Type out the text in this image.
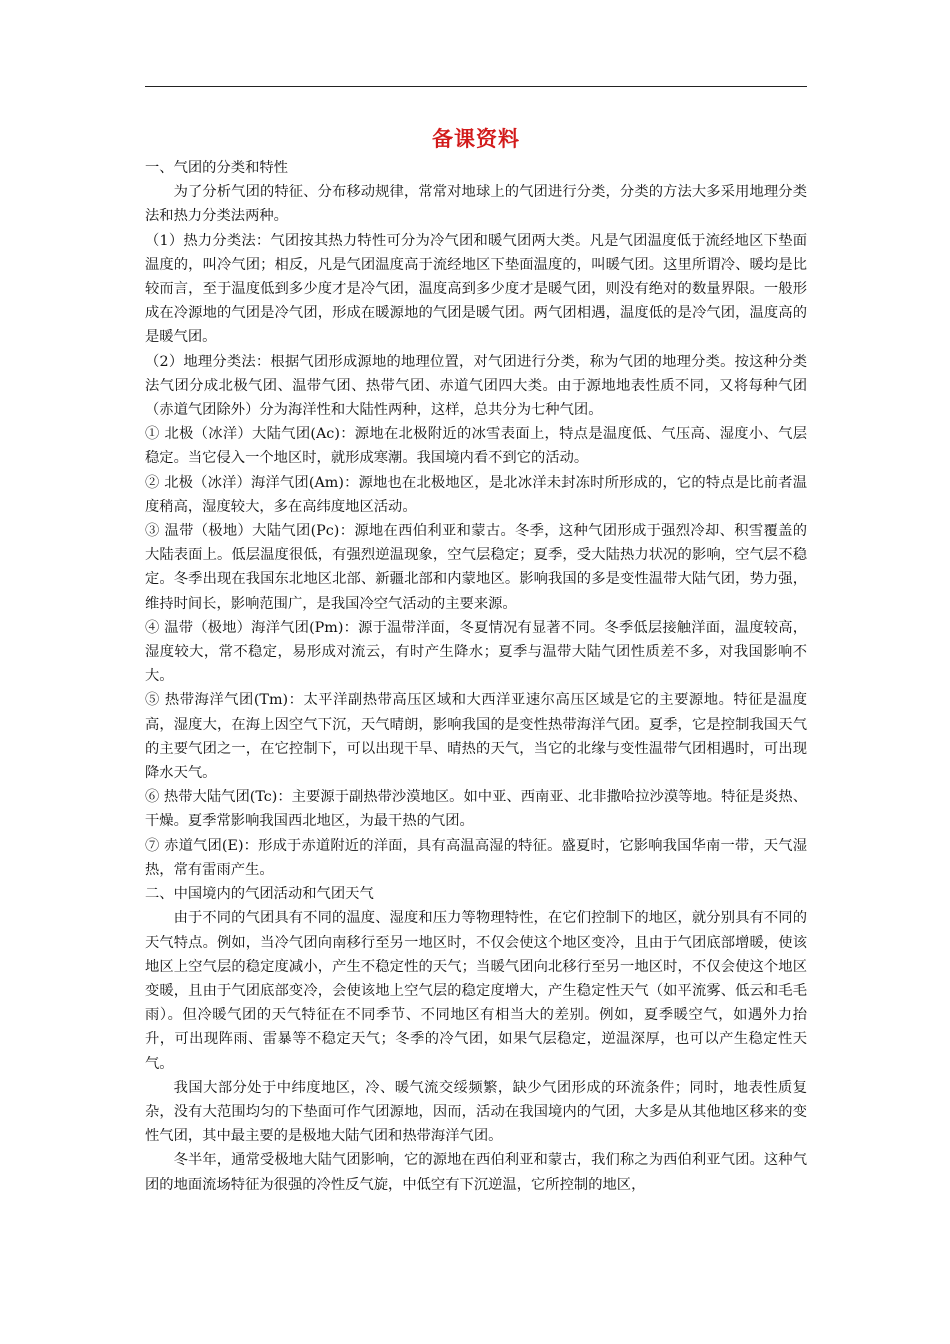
备课资料

一、气团的分类和特性

为了分析气团的特征、分布移动规律，常常对地球上的气团进行分类，分类的方法大多采用地理分类法和热力分类法两种。

（1）热力分类法：气团按其热力特性可分为冷气团和暖气团两大类。凡是气团温度低于流经地区下垫面温度的，叫冷气团；相反，凡是气团温度高于流经地区下垫面温度的，叫暖气团。这里所谓冷、暖均是比较而言，至于温度低到多少度才是冷气团，温度高到多少度才是暖气团，则没有绝对的数量界限。一般形成在冷源地的气团是冷气团，形成在暖源地的气团是暖气团。两气团相遇，温度低的是冷气团，温度高的是暖气团。

（2）地理分类法：根据气团形成源地的地理位置，对气团进行分类，称为气团的地理分类。按这种分类法气团分成北极气团、温带气团、热带气团、赤道气团四大类。由于源地地表性质不同，又将每种气团（赤道气团除外）分为海洋性和大陆性两种，这样，总共分为七种气团。

① 北极（冰洋）大陆气团(Ac)：源地在北极附近的冰雪表面上，特点是温度低、气压高、湿度小、气层稳定。当它侵入一个地区时，就形成寒潮。我国境内看不到它的活动。

② 北极（冰洋）海洋气团(Am)：源地也在北极地区，是北冰洋未封冻时所形成的，它的特点是比前者温度稍高，湿度较大，多在高纬度地区活动。

③ 温带（极地）大陆气团(Pc)：源地在西伯利亚和蒙古。冬季，这种气团形成于强烈冷却、积雪覆盖的大陆表面上。低层温度很低，有强烈逆温现象，空气层稳定；夏季，受大陆热力状况的影响，空气层不稳定。冬季出现在我国东北地区北部、新疆北部和内蒙地区。影响我国的多是变性温带大陆气团，势力强，维持时间长，影响范围广，是我国冷空气活动的主要来源。

④ 温带（极地）海洋气团(Pm)：源于温带洋面，冬夏情况有显著不同。冬季低层接触洋面，温度较高，湿度较大，常不稳定，易形成对流云，有时产生降水；夏季与温带大陆气团性质差不多，对我国影响不大。

⑤ 热带海洋气团(Tm)：太平洋副热带高压区域和大西洋亚速尔高压区域是它的主要源地。特征是温度高，湿度大，在海上因空气下沉，天气晴朗，影响我国的是变性热带海洋气团。夏季，它是控制我国天气的主要气团之一，在它控制下，可以出现干旱、晴热的天气，当它的北缘与变性温带气团相遇时，可出现降水天气。

⑥ 热带大陆气团(Tc)：主要源于副热带沙漠地区。如中亚、西南亚、北非撒哈拉沙漠等地。特征是炎热、干燥。夏季常影响我国西北地区，为最干热的气团。

⑦ 赤道气团(E)：形成于赤道附近的洋面，具有高温高湿的特征。盛夏时，它影响我国华南一带，天气湿热，常有雷雨产生。

二、中国境内的气团活动和气团天气

由于不同的气团具有不同的温度、湿度和压力等物理特性，在它们控制下的地区，就分别具有不同的天气特点。例如，当冷气团向南移行至另一地区时，不仅会使这个地区变冷，且由于气团底部增暖，使该地区上空气层的稳定度减小，产生不稳定性的天气；当暖气团向北移行至另一地区时，不仅会使这个地区变暖，且由于气团底部变冷，会使该地上空气层的稳定度增大，产生稳定性天气（如平流雾、低云和毛毛雨）。但冷暖气团的天气特征在不同季节、不同地区有相当大的差别。例如，夏季暖空气，如遇外力抬升，可出现阵雨、雷暴等不稳定天气；冬季的冷气团，如果气层稳定，逆温深厚，也可以产生稳定性天气。

我国大部分处于中纬度地区，冷、暖气流交绥频繁，缺少气团形成的环流条件；同时，地表性质复杂，没有大范围均匀的下垫面可作气团源地，因而，活动在我国境内的气团，大多是从其他地区移来的变性气团，其中最主要的是极地大陆气团和热带海洋气团。

冬半年，通常受极地大陆气团影响，它的源地在西伯利亚和蒙古，我们称之为西伯利亚气团。这种气团的地面流场特征为很强的冷性反气旋，中低空有下沉逆温，它所控制的地区，
